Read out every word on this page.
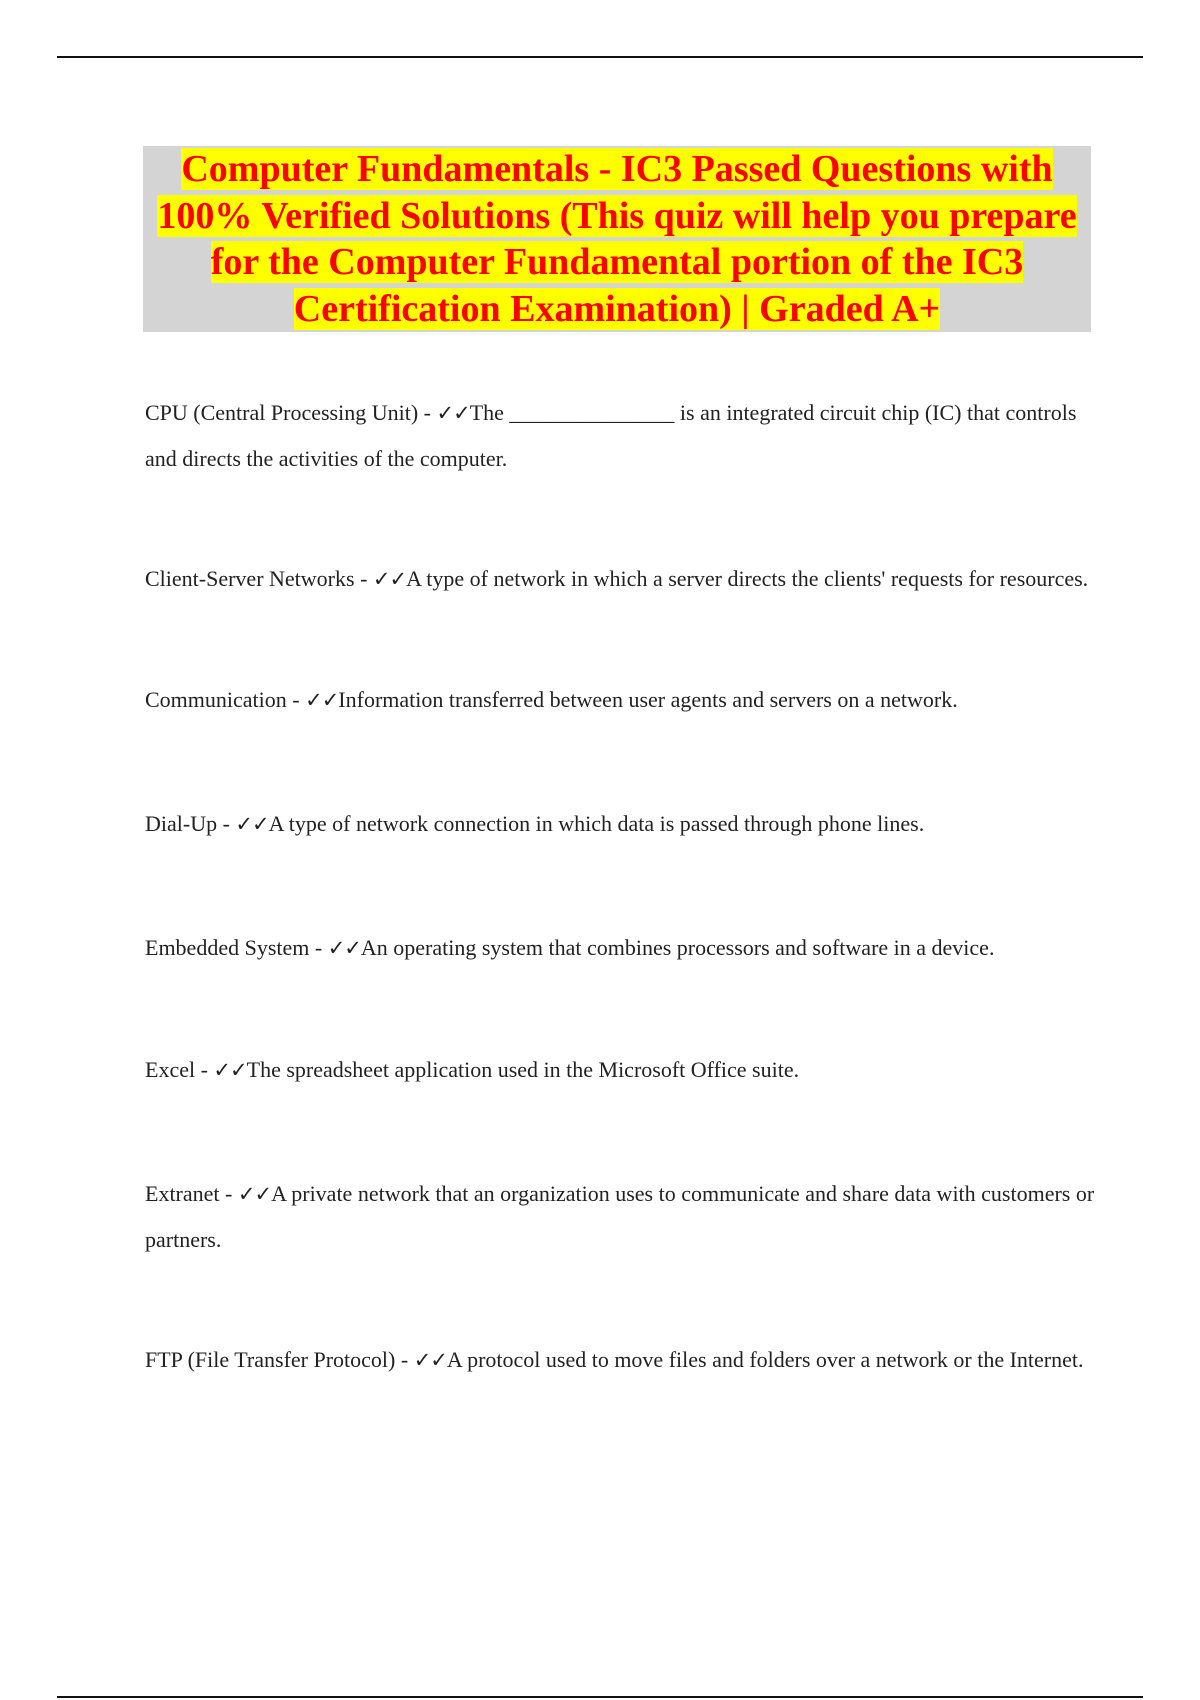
Computer Fundamentals - IC3 Passed Questions with 100% Verified Solutions (This quiz will help you prepare for the Computer Fundamental portion of the IC3 Certification Examination) | Graded A+

CPU (Central Processing Unit) - ✓✓The _______________ is an integrated circuit chip (IC) that controls and directs the activities of the computer.

Client-Server Networks - ✓✓A type of network in which a server directs the clients' requests for resources.

Communication - ✓✓Information transferred between user agents and servers on a network.

Dial-Up - ✓✓A type of network connection in which data is passed through phone lines.

Embedded System - ✓✓An operating system that combines processors and software in a device.

Excel - ✓✓The spreadsheet application used in the Microsoft Office suite.

Extranet - ✓✓A private network that an organization uses to communicate and share data with customers or partners.

FTP (File Transfer Protocol) - ✓✓A protocol used to move files and folders over a network or the Internet.
